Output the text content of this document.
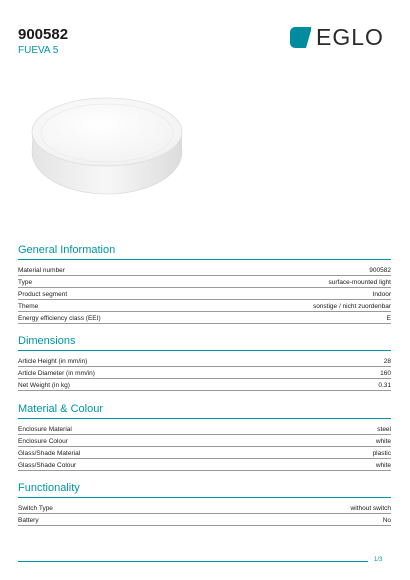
900582
FUEVA 5
EGLO
General Information
Material number	900582
Type	surface-mounted light
Product segment	Indoor
Theme	sonstige / nicht zuordenbar
Energy efficiency class (EEI)	E
Dimensions
Article Height (in mm/in)	28
Article Diameter (in mm/in)	160
Net Weight (in kg)	0.31
Material & Colour
Enclosure Material	steel
Enclosure Colour	white
Glass/Shade Material	plastic
Glass/Shade Colour	white
Functionality
Switch Type	without switch
Battery	No
1/3
